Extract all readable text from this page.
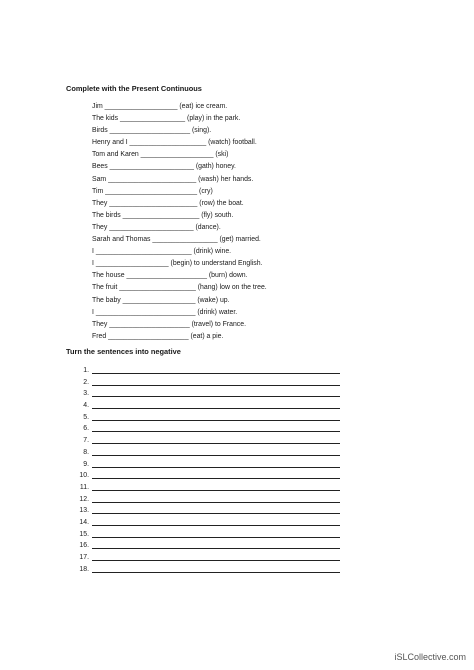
Complete with the Present Continuous
Jim ___________________ (eat) ice cream.
The kids _________________ (play) in the park.
Birds _____________________ (sing).
Henry and I ____________________ (watch) football.
Tom and Karen ___________________ (ski)
Bees ______________________ (gath) honey.
Sam _______________________ (wash) her hands.
Tim ________________________ (cry)
They _______________________ (row) the boat.
The birds ____________________ (fly) south.
They ______________________ (dance).
Sarah and Thomas _________________ (get) married.
I _________________________ (drink) wine.
I ___________________ (begin) to understand English.
The house _____________________ (burn) down.
The fruit ____________________ (hang) low on the tree.
The baby ___________________ (wake) up.
I __________________________ (drink) water.
They _____________________ (travel) to France.
Fred _____________________ (eat) a pie.
Turn the sentences into negative
1.
2.
3.
4.
5.
6.
7.
8.
9.
10.
11.
12.
13.
14.
15.
16.
17.
18.
iSLCollective.com
